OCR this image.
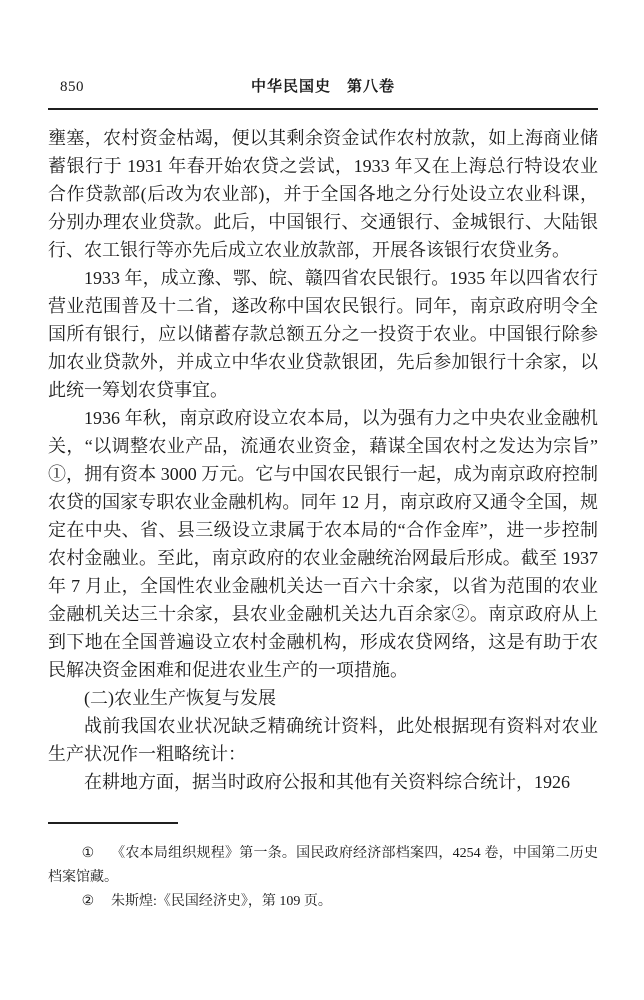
850	中华民国史　第八卷

壅塞，农村资金枯竭，便以其剩余资金试作农村放款，如上海商业储蓄银行于 1931 年春开始农贷之尝试，1933 年又在上海总行特设农业合作贷款部(后改为农业部)，并于全国各地之分行处设立农业科课，分别办理农业贷款。此后，中国银行、交通银行、金城银行、大陆银行、农工银行等亦先后成立农业放款部，开展各该银行农贷业务。

1933 年，成立豫、鄂、皖、赣四省农民银行。1935 年以四省农行营业范围普及十二省，遂改称中国农民银行。同年，南京政府明令全国所有银行，应以储蓄存款总额五分之一投资于农业。中国银行除参加农业贷款外，并成立中华农业贷款银团，先后参加银行十余家，以此统一筹划农贷事宜。

1936 年秋，南京政府设立农本局，以为强有力之中央农业金融机关，“以调整农业产品，流通农业资金，藉谋全国农村之发达为宗旨”①，拥有资本 3000 万元。它与中国农民银行一起，成为南京政府控制农贷的国家专职农业金融机构。同年 12 月，南京政府又通令全国，规定在中央、省、县三级设立隶属于农本局的“合作金库”，进一步控制农村金融业。至此，南京政府的农业金融统治网最后形成。截至 1937 年 7 月止，全国性农业金融机关达一百六十余家，以省为范围的农业金融机关达三十余家，县农业金融机关达九百余家②。南京政府从上到下地在全国普遍设立农村金融机构，形成农贷网络，这是有助于农民解决资金困难和促进农业生产的一项措施。

(二)农业生产恢复与发展

战前我国农业状况缺乏精确统计资料，此处根据现有资料对农业生产状况作一粗略统计：

在耕地方面，据当时政府公报和其他有关资料综合统计，1926

① 《农本局组织规程》第一条。国民政府经济部档案四，4254 卷，中国第二历史档案馆藏。

② 朱斯煌:《民国经济史》，第 109 页。
